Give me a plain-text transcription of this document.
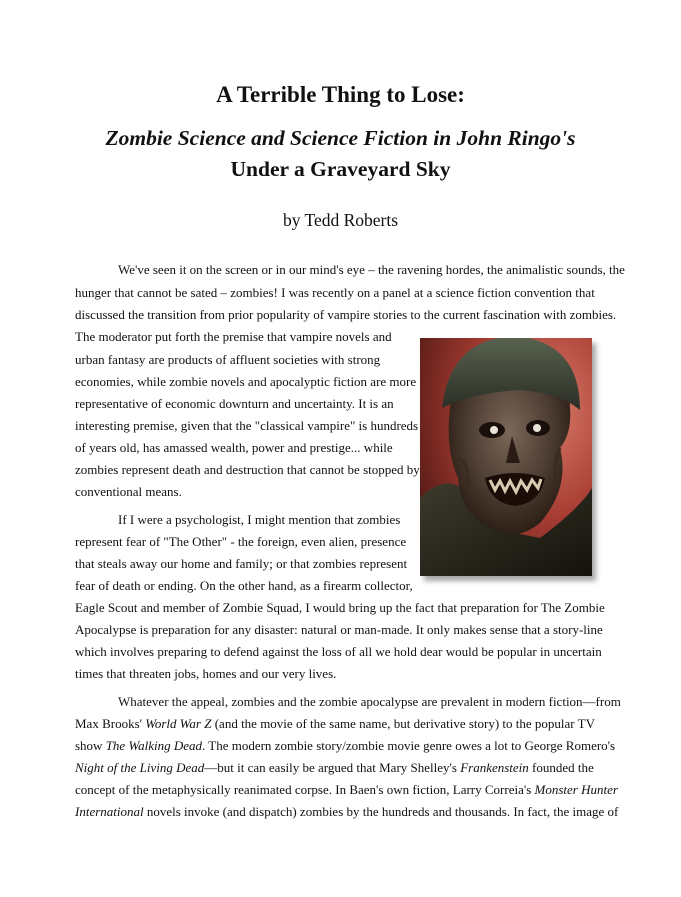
A Terrible Thing to Lose:
Zombie Science and Science Fiction in John Ringo's
Under a Graveyard Sky
by Tedd Roberts
We've seen it on the screen or in our mind's eye – the ravening hordes, the animalistic sounds, the
hunger that cannot be sated – zombies! I was recently on a panel at a science fiction convention that
discussed the transition from prior popularity of vampire stories to the current fascination with zombies.
The moderator put forth the premise that vampire novels and
urban fantasy are products of affluent societies with strong
economies, while zombie novels and apocalyptic fiction are more
representative of economic downturn and uncertainty. It is an
interesting premise, given that the "classical vampire" is hundreds
of years old, has amassed wealth, power and prestige... while
zombies represent death and destruction that cannot be stopped by
conventional means.
If I were a psychologist, I might mention that zombies
represent fear of "The Other" - the foreign, even alien, presence
that steals away our home and family; or that zombies represent
fear of death or ending. On the other hand, as a firearm collector,
Eagle Scout and member of Zombie Squad, I would bring up the fact that preparation for The Zombie
Apocalypse is preparation for any disaster: natural or man-made. It only makes sense that a story-line
which involves preparing to defend against the loss of all we hold dear would be popular in uncertain
times that threaten jobs, homes and our very lives.
Whatever the appeal, zombies and the zombie apocalypse are prevalent in modern fiction—from
Max Brooks' World War Z (and the movie of the same name, but derivative story) to the popular TV
show The Walking Dead. The modern zombie story/zombie movie genre owes a lot to George Romero's
Night of the Living Dead—but it can easily be argued that Mary Shelley's Frankenstein founded the
concept of the metaphysically reanimated corpse. In Baen's own fiction, Larry Correia's Monster Hunter
International novels invoke (and dispatch) zombies by the hundreds and thousands. In fact, the image of
